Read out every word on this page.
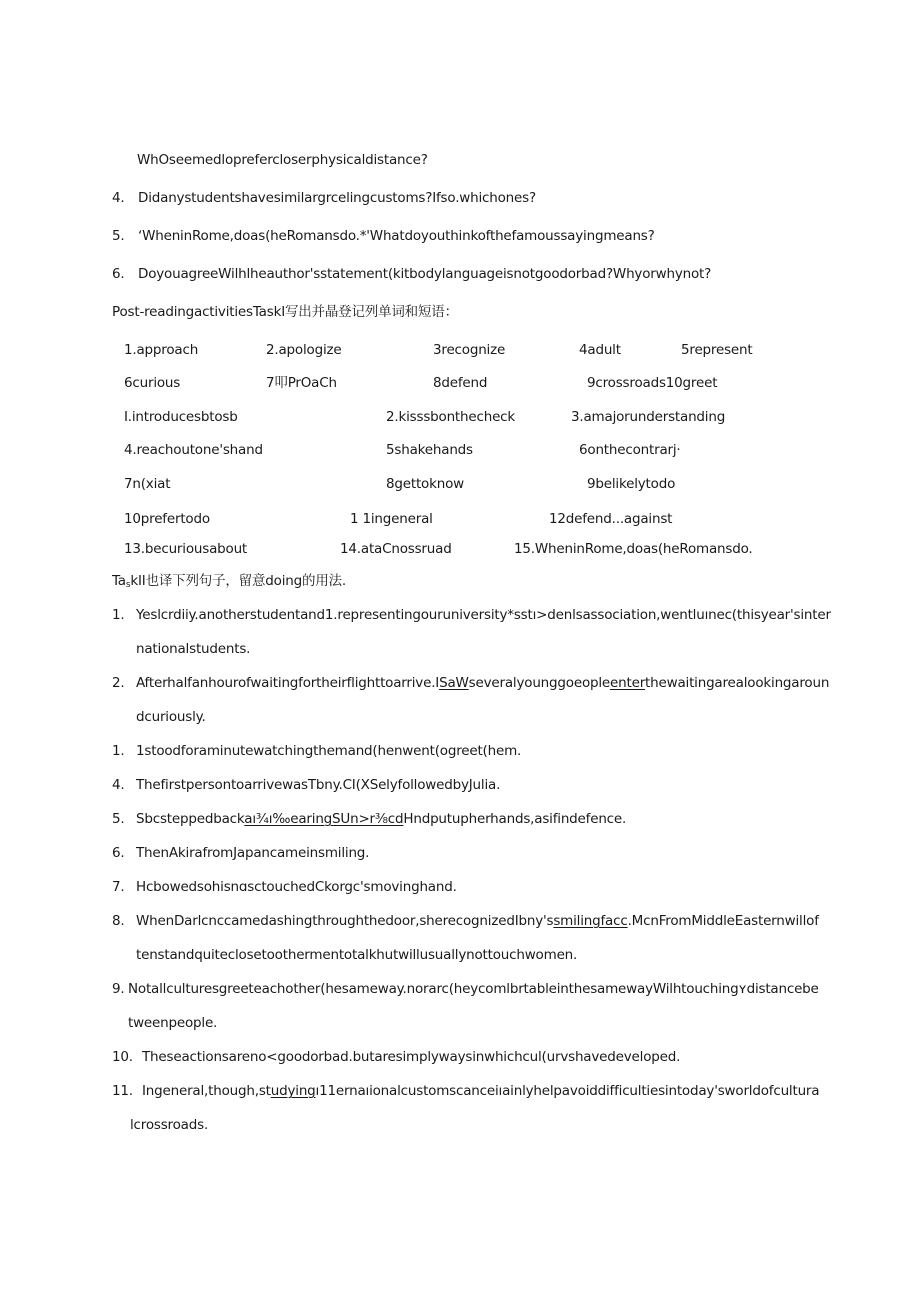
WhOseemedloprefercloserphysicaldistance?
4. Didanystudentshavesimilargrcelingcustoms?Ifso.whichones?
5. ʻWheninRome,doas(heRomansdo.*'Whatdoyouthinkofthefamoussayingmeans?
6. DoyouagreeWilhlheauthor'sstatement(kitbodylanguageisnotgoodorbad?Whyorwhynot?
Post-readingactivitiesTaskI写出并晶登记列单词和短语：
1.approach	2.apologize	3recognize	4adult	5represent
6curious	7叩PrOaCh	8defend	9crossroads10greet
I.introducesbtosb	2.kisssbonthecheck	3.amajorunderstanding
4.reachoutone'shand	5shakehands	6onthecontrarj·
7n(xiat	8gettoknow	9belikelytodo
10prefertodo	1 1ingeneral	12defend...against
13.becuriousabout	14.ataCnossruad	15.WheninRome,doas(heRomansdo.
$Ta_skII$也译下列句子，留意doing的用法.
1. Yeslcrdiiy.anotherstudentand1.representingouruniversity*sstı>denlsassociation,wentluınec(thisyear'sinter
nationalstudents.
2. Afterhalfanhourofwaitingfortheirflighttoarrive.ISaWseveralyounggoeopleenterthewaitingarealookingaroun
dcuriously.
1. 1stoodforaminutewatchingthemand(henwent(ogreet(hem.
4. ThefirstpersontoarrivewasTbny.CI(XSelyfollowedbyJulia.
5. Sbcsteppedbackaı¾ı‰earingSUn>r⅜cdHndputupherhands,asifindefence.
6. ThenAkirafromJapancameinsmiling.
7. HcbowedsohisnɑsctouchedCkorgc'smovinghand.
8. WhenDarlcnccamedashingthroughthedoor,sherecognizedIbny'ssmilingfacc.McnFromMiddleEasternwillof
tenstandquiteclosetoothermentotalkhutwillusuallynottouchwomen.
9. Notallculturesgreeteachother(hesameway.norarc(heycomlbrtableinthesamewayWilhtouchingʏdistancebe
tweenpeople.
10. Theseactionsareno<goodorbad.butaresimplywaysinwhichcul(urvshavedeveloped.
11. Ingeneral,though,studyingı​11ernaıionalcustomscanceiıainlyhelpavoiddifficultiesintoday'sworldofcultura
lcrossroads.
